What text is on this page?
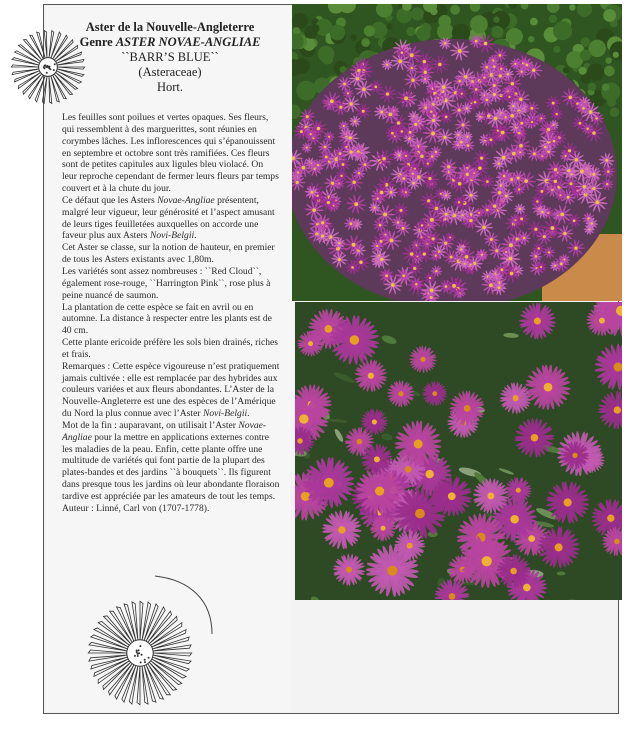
Aster de la Nouvelle-Angleterre
Genre ASTER NOVAE-ANGLIAE
``BARR’S BLUE``
(Asteraceae)
Hort.

Les feuilles sont poilues et vertes opaques. Ses fleurs, qui ressemblent à des marguerittes, sont réunies en corymbes lâches. Les inflorescences qui s’épanouissent en septembre et octobre sont très ramifiées. Ces fleurs sont de petites capitules aux ligules bleu violacé. On leur reproche cependant de fermer leurs fleurs par temps couvert et à la chute du jour.

Ce défaut que les Asters Novae-Angliae présentent, malgré leur vigueur, leur générosité et l’aspect amusant de leurs tiges feuilletées auxquelles on accorde une faveur plus aux Asters Novi-Belgii.

Cet Aster se classe, sur la notion de hauteur, en premier de tous les Asters existants avec 1,80m.

Les variétés sont assez nombreuses : ``Red Cloud``, également rose-rouge, ``Harrington Pink``, rose plus à peine nuancé de saumon.

La plantation de cette espèce se fait en avril ou en automne. La distance à respecter entre les plants est de 40 cm.

Cette plante ericoide préfère les sols bien drainés, riches et frais.

Remarques : Cette espèce vigoureuse n’est pratiquement jamais cultivée : elle est remplacée par des hybrides aux couleurs variées et aux fleurs abondantes. L’Aster de la Nouvelle-Angleterre est une des espèces de l’Amérique du Nord la plus connue avec l’Aster Novi-Belgii.

Mot de la fin : auparavant, on utilisait l’Aster Novae-Angliae pour la mettre en applications externes contre les maladies de la peau. Enfin, cette plante offre une multitude de variétés qui font partie de la plupart des plates-bandes et des jardins ``à bouquets``. Ils figurent dans presque tous les jardins où leur abondante floraison tardive est appréciée par les amateurs de tout les temps.

Auteur : Linné, Carl von (1707-1778).
